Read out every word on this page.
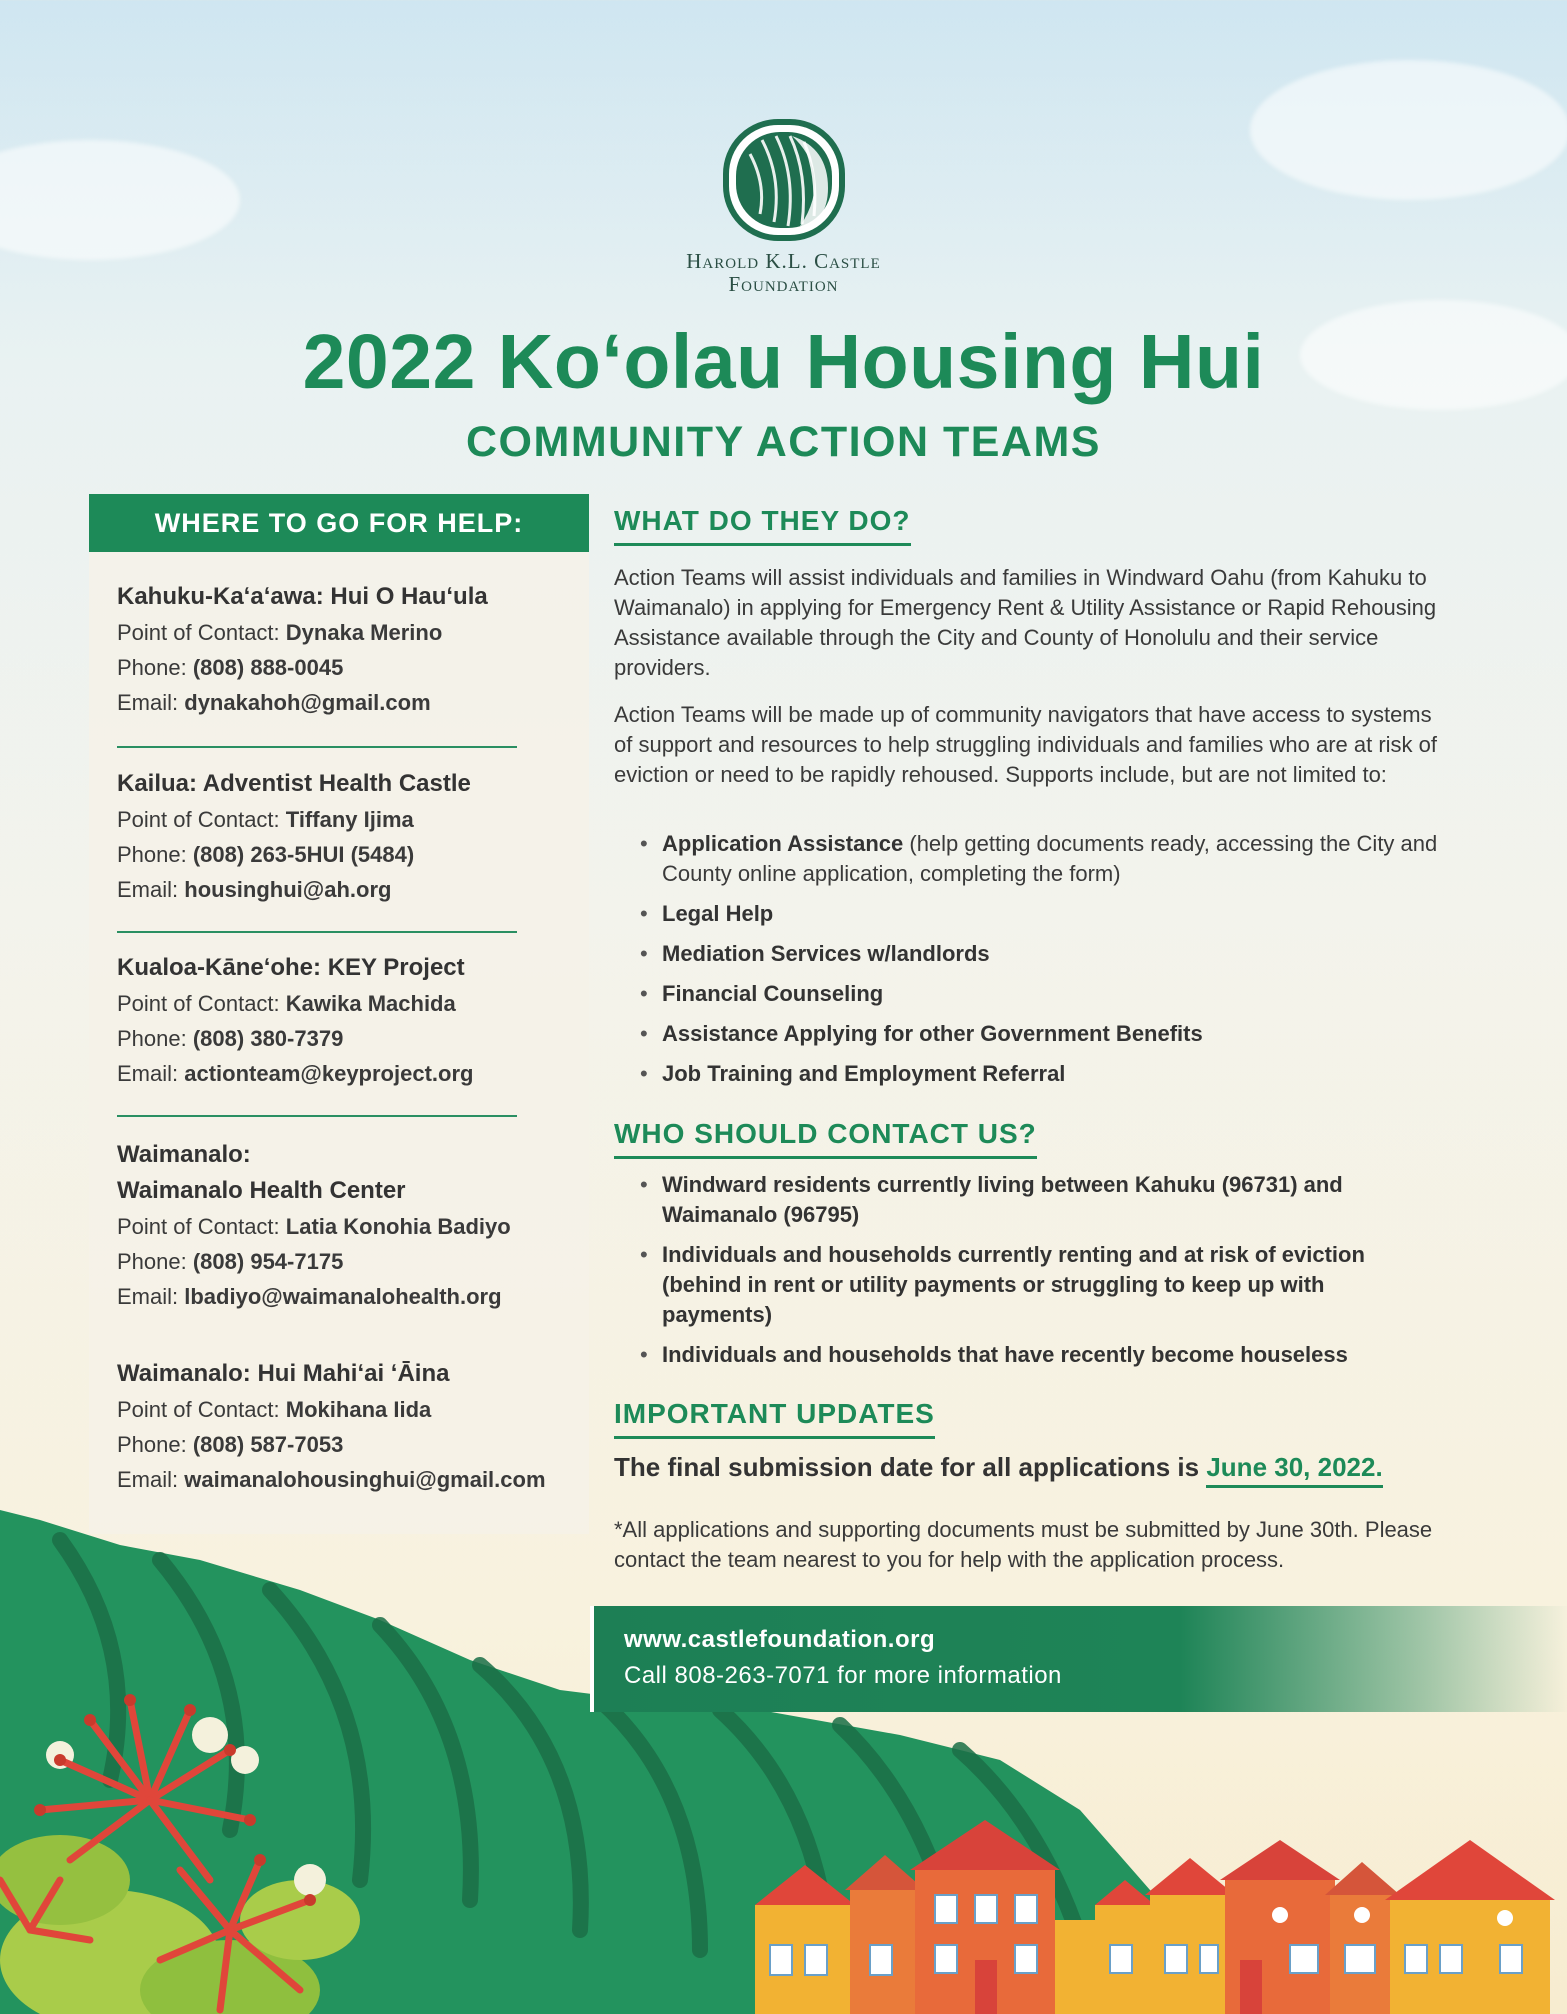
Harold K.L. Castle
Foundation
2022 Koʻolau Housing Hui
COMMUNITY ACTION TEAMS
WHERE TO GO FOR HELP:
Kahuku-Kaʻaʻawa: Hui O Hauʻula
Point of Contact: Dynaka Merino
Phone: (808) 888-0045
Email: dynakahoh@gmail.com
Kailua: Adventist Health Castle
Point of Contact: Tiffany Ijima
Phone: (808) 263-5HUI (5484)
Email: housinghui@ah.org
Kualoa-Kāneʻohe: KEY Project
Point of Contact: Kawika Machida
Phone: (808) 380-7379
Email: actionteam@keyproject.org
Waimanalo:
Waimanalo Health Center
Point of Contact: Latia Konohia Badiyo
Phone: (808) 954-7175
Email: lbadiyo@waimanalohealth.org
Waimanalo: Hui Mahiʻai ʻĀina
Point of Contact: Mokihana Iida
Phone: (808) 587-7053
Email: waimanalohousinghui@gmail.com
WHAT DO THEY DO?
Action Teams will assist individuals and families in Windward Oahu (from Kahuku to Waimanalo) in applying for Emergency Rent & Utility Assistance or Rapid Rehousing Assistance available through the City and County of Honolulu and their service providers.
Action Teams will be made up of community navigators that have access to systems of support and resources to help struggling individuals and families who are at risk of eviction or need to be rapidly rehoused. Supports include, but are not limited to:
• Application Assistance (help getting documents ready, accessing the City and County online application, completing the form)
• Legal Help
• Mediation Services w/landlords
• Financial Counseling
• Assistance Applying for other Government Benefits
• Job Training and Employment Referral
WHO SHOULD CONTACT US?
• Windward residents currently living between Kahuku (96731) and Waimanalo (96795)
• Individuals and households currently renting and at risk of eviction (behind in rent or utility payments or struggling to keep up with payments)
• Individuals and households that have recently become houseless
IMPORTANT UPDATES
The final submission date for all applications is June 30, 2022.
*All applications and supporting documents must be submitted by June 30th. Please contact the team nearest to you for help with the application process.
www.castlefoundation.org
Call 808-263-7071 for more information
